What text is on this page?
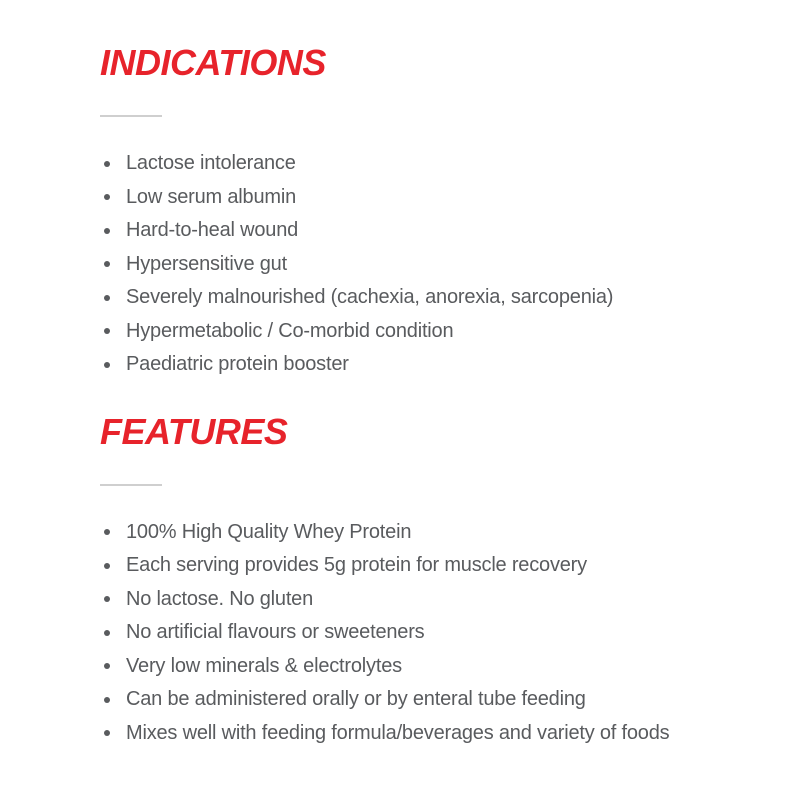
INDICATIONS
Lactose intolerance
Low serum albumin
Hard-to-heal wound
Hypersensitive gut
Severely malnourished (cachexia, anorexia, sarcopenia)
Hypermetabolic / Co-morbid condition
Paediatric protein booster
FEATURES
100% High Quality Whey Protein
Each serving provides 5g protein for muscle recovery
No lactose. No gluten
No artificial flavours or sweeteners
Very low minerals & electrolytes
Can be administered orally or by enteral tube feeding
Mixes well with feeding formula/beverages and variety of foods
